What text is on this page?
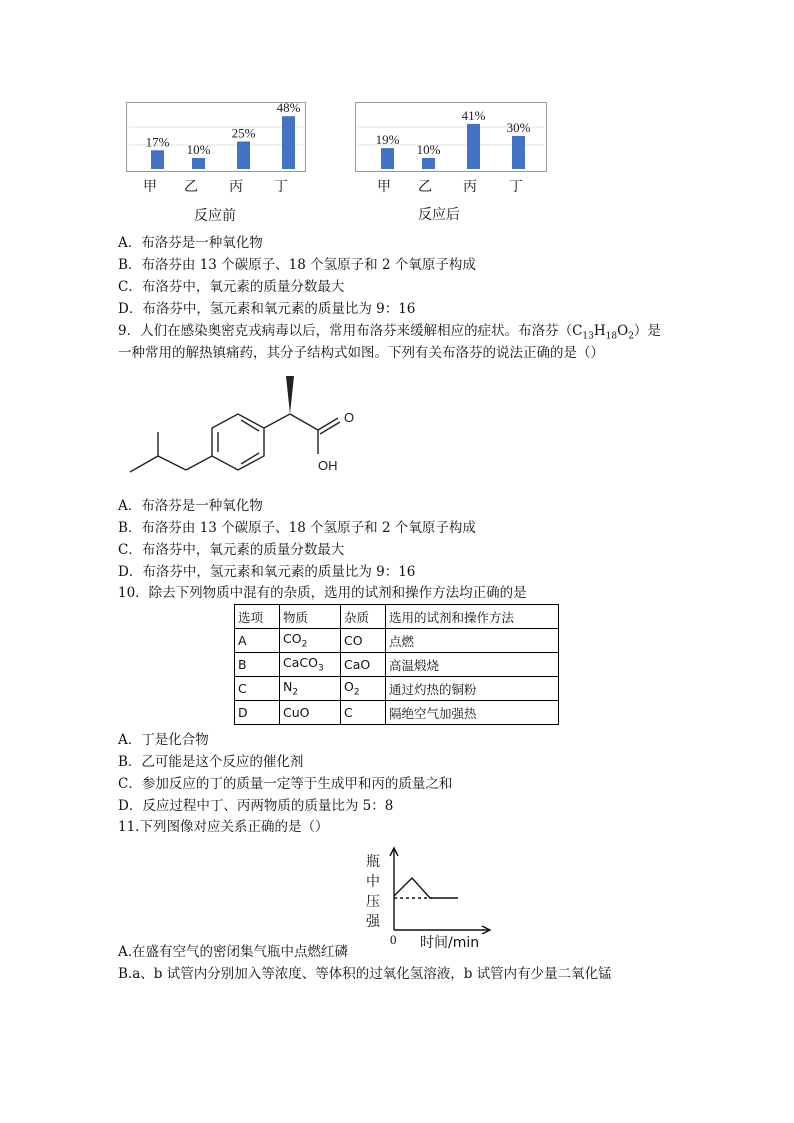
17%
10%
25%
48%
甲 乙 丙 丁
反应前
19%
10%
41%
30%
甲 乙 丙 丁
反应后
A．布洛芬是一种氧化物
B．布洛芬由 13 个碳原子、18 个氢原子和 2 个氧原子构成
C．布洛芬中，氧元素的质量分数最大
D．布洛芬中，氢元素和氧元素的质量比为 9：16
9．人们在感染奥密克戎病毒以后，常用布洛芬来缓解相应的症状。布洛芬$(C_{13}H_{18}O_2)$是
一种常用的解热镇痛药，其分子结构式如图。下列有关布洛芬的说法正确的是（）
O
OH
A．布洛芬是一种氧化物
B．布洛芬由 13 个碳原子、18 个氢原子和 2 个氧原子构成
C．布洛芬中，氧元素的质量分数最大
D．布洛芬中，氢元素和氧元素的质量比为 9：16
10．除去下列物质中混有的杂质，选用的试剂和操作方法均正确的是
选项	物质	杂质	选用的试剂和操作方法
A	$CO_2$	CO	点燃
B	CaCO$_3$	CaO	高温煅烧
C	$N_2$	$O_2$	通过灼热的铜粉
D	CuO	C	隔绝空气加强热
A．丁是化合物
B．乙可能是这个反应的催化剂
C．参加反应的丁的质量一定等于生成甲和丙的质量之和
D．反应过程中丁、丙两物质的质量比为 5：8
11.下列图像对应关系正确的是（）
瓶
中
压
强
0 时间/min
A.在盛有空气的密闭集气瓶中点燃红磷
B.a、b 试管内分别加入等浓度、等体积的过氧化氢溶液，b 试管内有少量二氧化锰
